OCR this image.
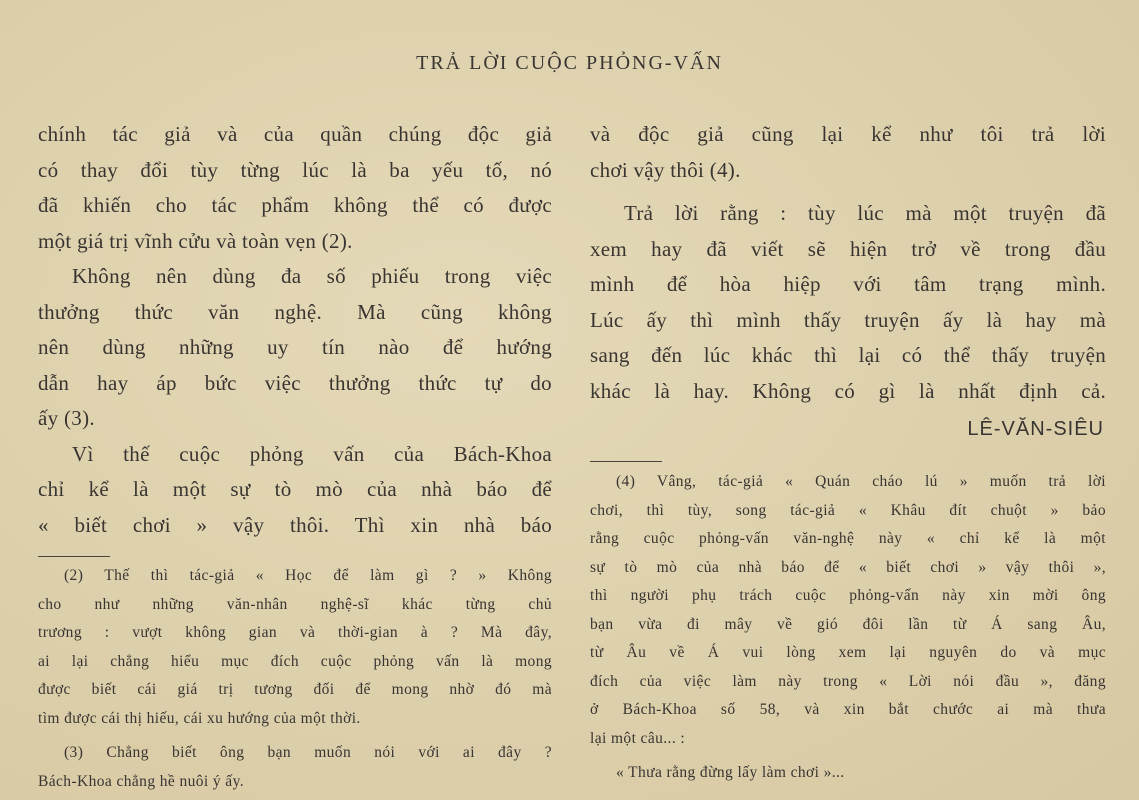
TRẢ LỜI CUỘC PHỎNG-VẤN
chính tác giả và của quần chúng độc giả
có thay đổi tùy từng lúc là ba yếu tố, nó
đã khiến cho tác phẩm không thể có được
một giá trị vĩnh cửu và toàn vẹn (2).
Không nên dùng đa số phiếu trong việc
thưởng thức văn nghệ. Mà cũng không
nên dùng những uy tín nào để hướng
dẫn hay áp bức việc thưởng thức tự do
ấy (3).
Vì thế cuộc phỏng vấn của Bách-Khoa
chỉ kể là một sự tò mò của nhà báo để
« biết chơi » vậy thôi. Thì xin nhà báo
(2) Thế thì tác-giả « Học để làm gì ? » Không
cho như những văn-nhân nghệ-sĩ khác từng chủ
trương : vượt không gian và thời-gian à ? Mà đây,
ai lại chẳng hiểu mục đích cuộc phỏng vấn là mong
được biết cái giá trị tương đối để mong nhờ đó mà
tìm được cái thị hiếu, cái xu hướng của một thời.
(3) Chẳng biết ông bạn muốn nói với ai đây ?
Bách-Khoa chẳng hề nuôi ý ấy.
và độc giả cũng lại kể như tôi trả lời
chơi vậy thôi (4).
Trả lời rằng : tùy lúc mà một truyện đã
xem hay đã viết sẽ hiện trở về trong đầu
mình để hòa hiệp với tâm trạng mình.
Lúc ấy thì mình thấy truyện ấy là hay mà
sang đến lúc khác thì lại có thể thấy truyện
khác là hay. Không có gì là nhất định cả.
LÊ-VĂN-SIÊU
(4) Vâng, tác-giả « Quán cháo lú » muốn trả lời
chơi, thì tùy, song tác-giả « Khâu đít chuột » bảo
rằng cuộc phỏng-vấn văn-nghệ này « chỉ kể là một
sự tò mò của nhà báo để « biết chơi » vậy thôi »,
thì người phụ trách cuộc phỏng-vấn này xin mời ông
bạn vừa đi mây về gió đôi lần từ Á sang Âu,
từ Âu về Á vui lòng xem lại nguyên do và mục
đích của việc làm này trong « Lời nói đầu », đăng
ở Bách-Khoa số 58, và xin bắt chước ai mà thưa
lại một câu... :
« Thưa rằng đừng lấy làm chơi »...
